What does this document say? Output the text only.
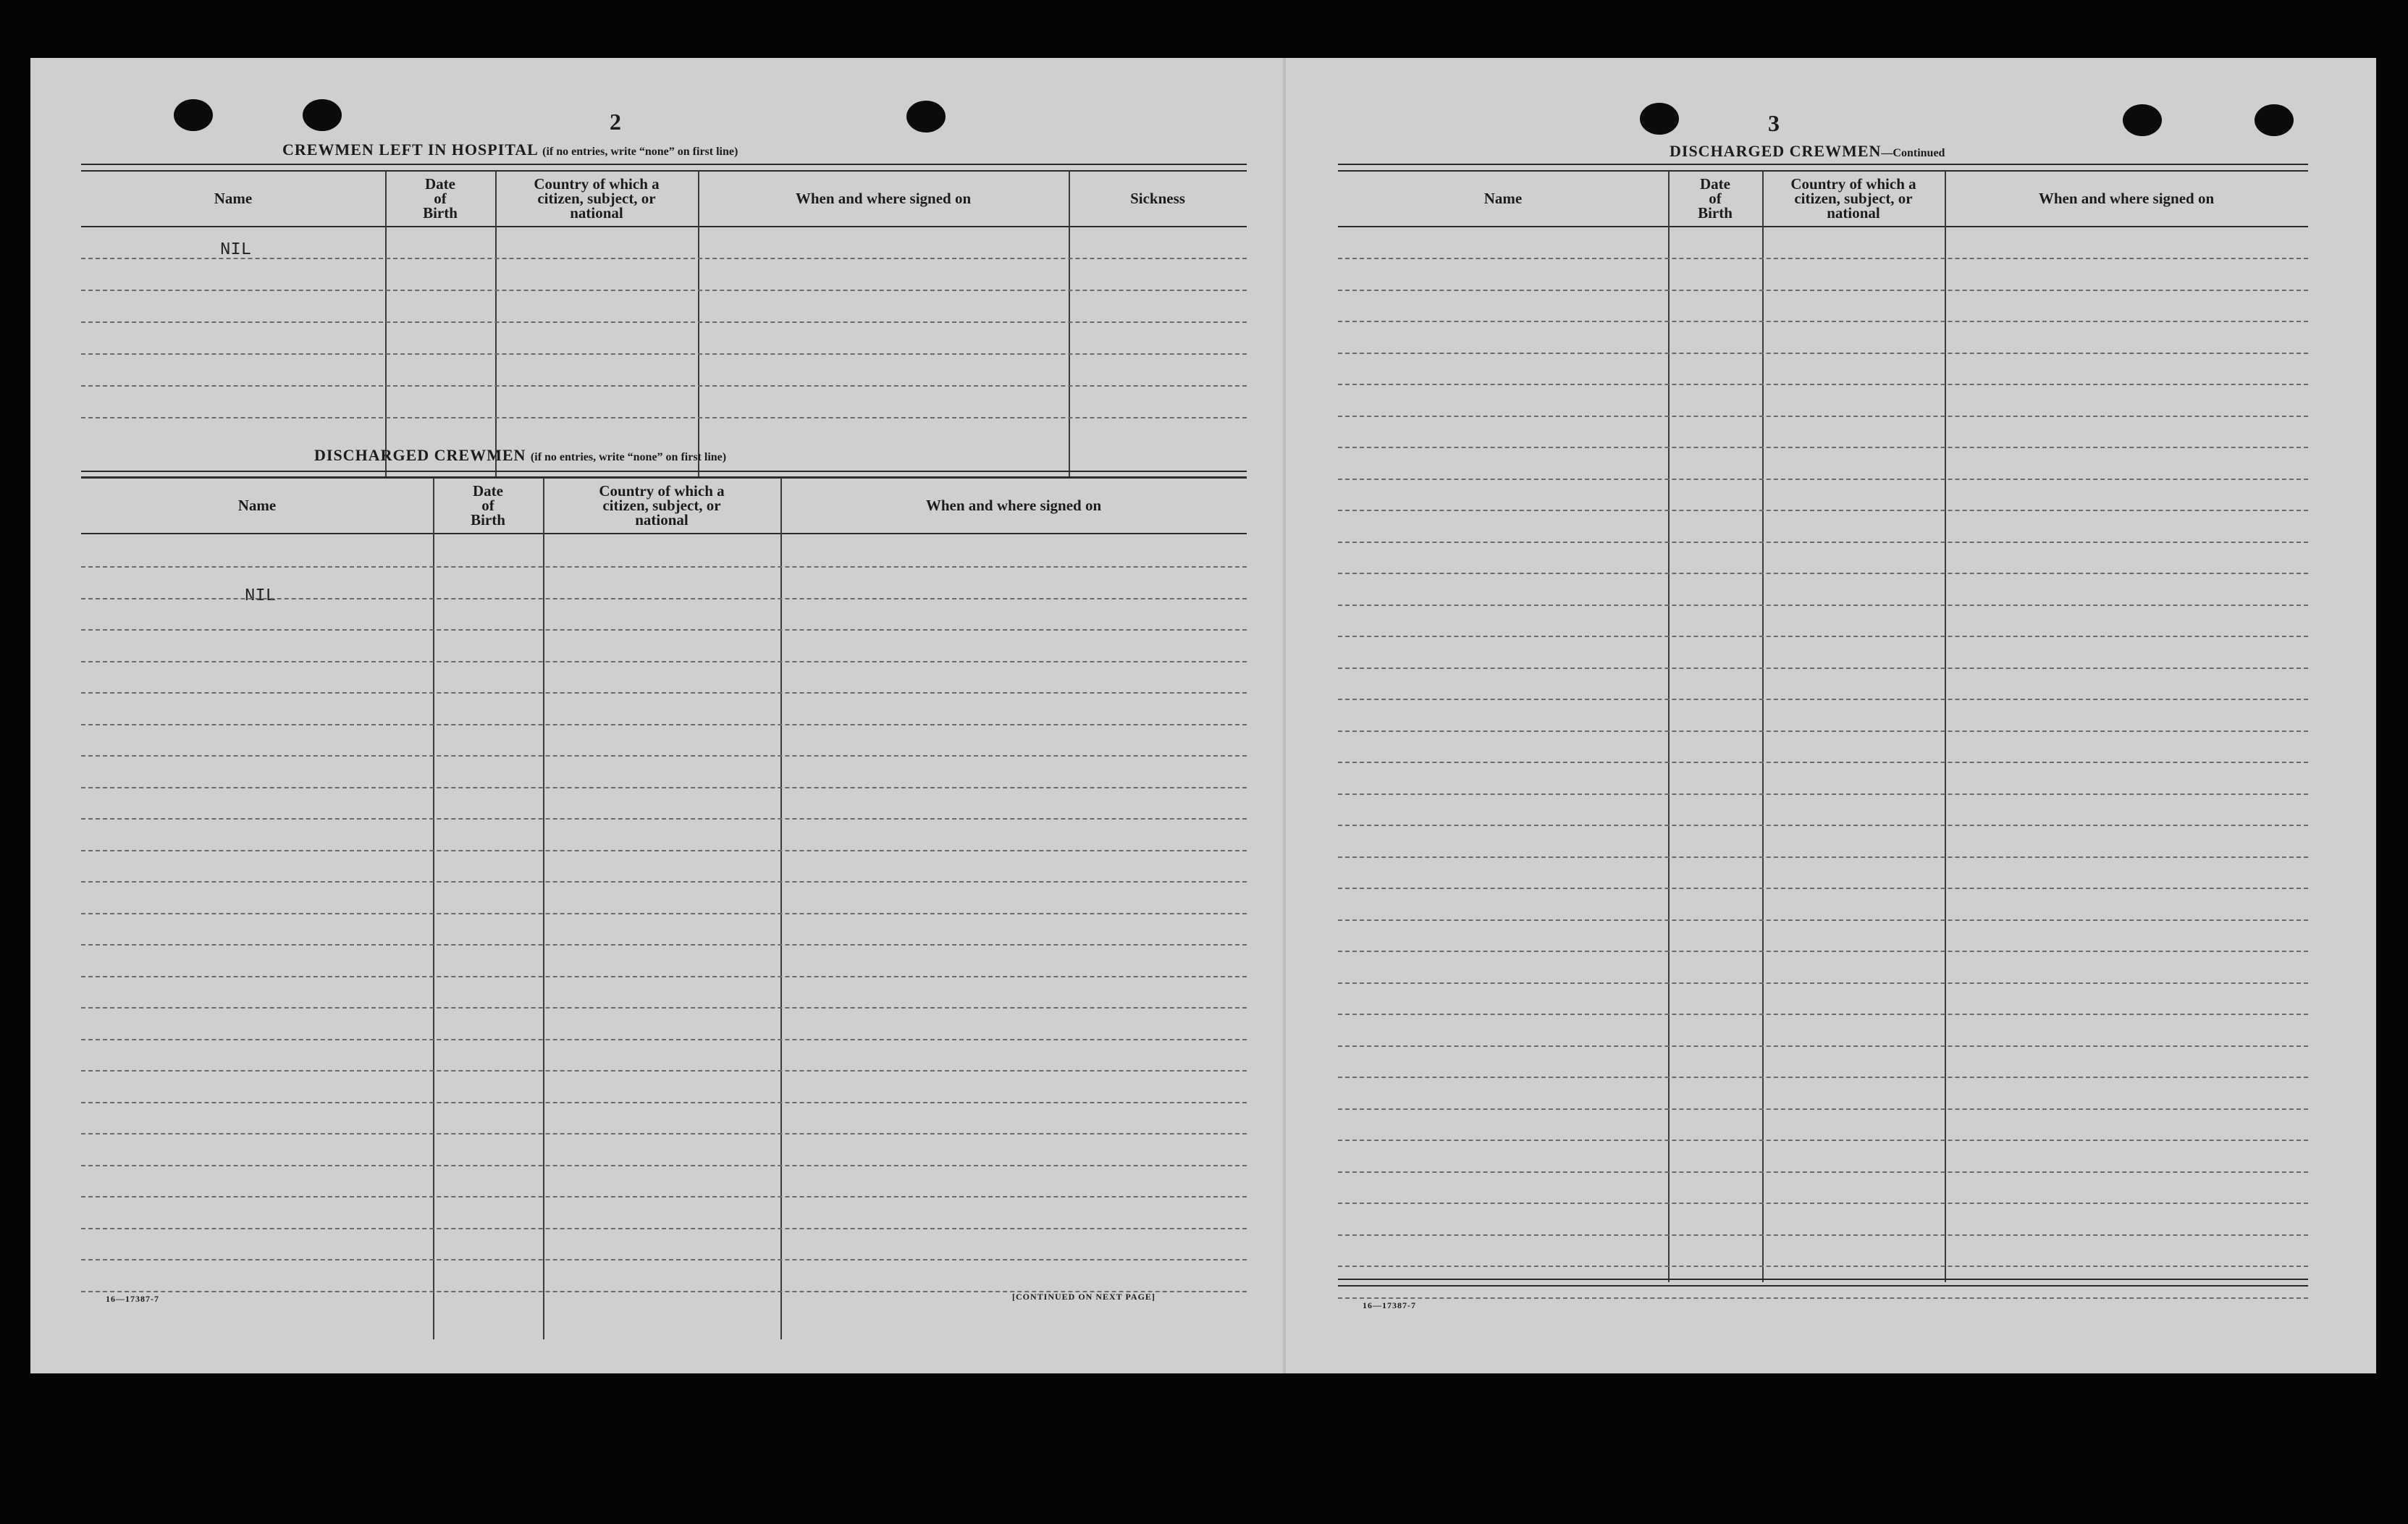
2
CREWMEN LEFT IN HOSPITAL (if no entries, write “none” on first line)
Name
Date
of
Birth
Country of which a
citizen, subject, or
national
When and where signed on	Sickness
NIL
DISCHARGED CREWMEN (if no entries, write “none” on first line)
Name
Date
of
Birth
Country of which a
citizen, subject, or
national
When and where signed on
NIL
16—17387-7	[CONTINUED ON NEXT PAGE]
3
DISCHARGED CREWMEN—Continued
Name
Date
of
Birth
Country of which a
citizen, subject, or
national
When and where signed on
16—17387-7
